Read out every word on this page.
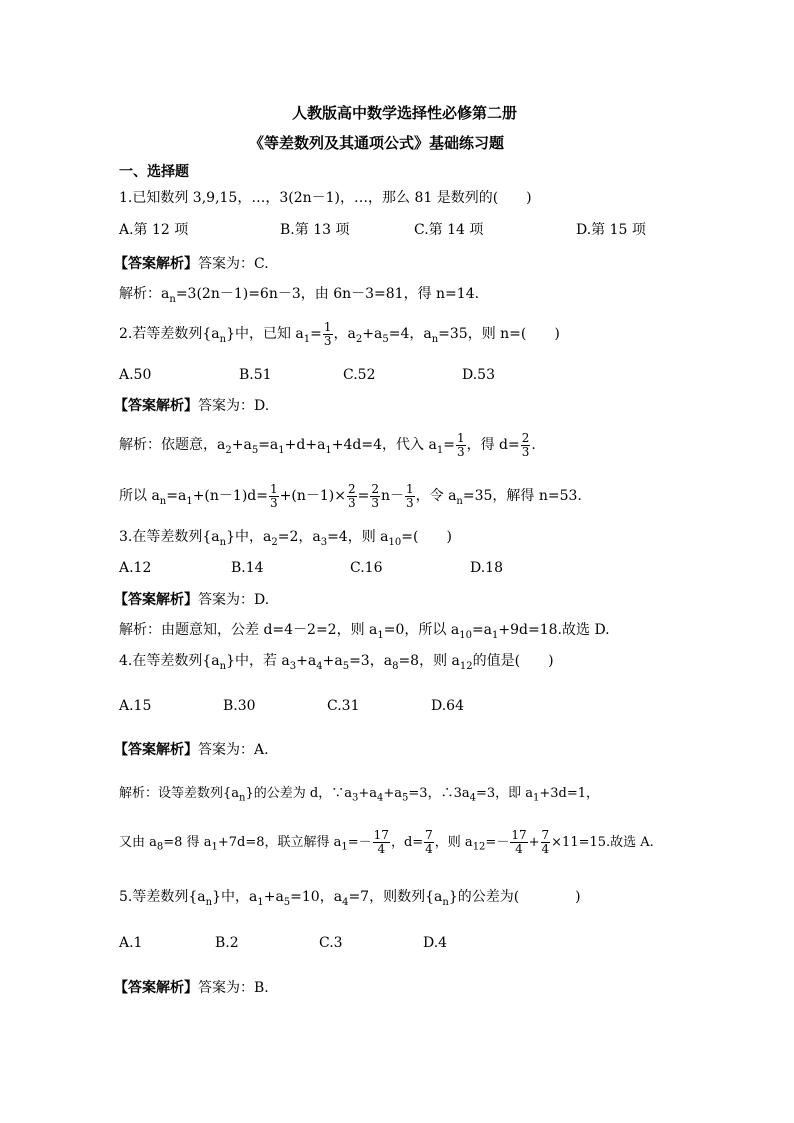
人教版高中数学选择性必修第二册
《等差数列及其通项公式》基础练习题
一、选择题
1.已知数列 3,9,15，…，3(2n－1)，…，那么 81 是数列的(　　)
A.第 12 项	B.第 13 项	C.第 14 项	D.第 15 项
【答案解析】答案为：C.
解析：$a_n=3(2n-1)=6n-3$，由 6n－3=81，得 n=14.
2.若等差数列$\{a_n\}$中，已知 $a_1= \frac{1}{3}$ ，$a_2+a_5=4$，$a_n=35$，则 n=(　　)
A.50	B.51	C.52	D.53
【答案解析】答案为：D.
解析：依题意，$a_2+a_5=a_1+d+a_1+4d=4$，代入 $a_1= \frac{1}{3}$ ，得 $d= \frac{2}{3}$ .
所以 $a_n=a_1+(n-1)d= \frac{1}{3} +(n-1)\times \frac{2}{3} = \frac{2}{3} n- \frac{1}{3}$ ，令 $a_n=35$，解得 n=53.
3.在等差数列$\{a_n\}$中，$a_2=2$，$a_3=4$，则 $a_{10}=$(　　)
A.12	B.14	C.16	D.18
【答案解析】答案为：D.
解析：由题意知，公差 d=4－2=2，则 $a_1=0$，所以 $a_{10}=a_1+9d=18$.故选 D.
4.在等差数列$\{a_n\}$中，若 $a_3+a_4+a_5=3$，$a_8=8$，则 $a_{12}$的值是(　　)
A.15	B.30	C.31	D.64
【答案解析】答案为：A.
解析：设等差数列$\{a_n\}$的公差为 d，$\because a_3+a_4+a_5=3$，$\therefore 3a_4=3$，即 $a_1+3d=1$，
又由 $a_8=8$ 得 $a_1+7d=8$，联立解得 $a_1=- \frac{17}{4}$ ，$d= \frac{7}{4}$ ，则 $a_{12}=- \frac{17}{4} + \frac{7}{4} \times 11=15$.故选 A.
5.等差数列$\{a_n\}$中，$a_1+a_5=10$，$a_4=7$，则数列$\{a_n\}$的公差为(　　　　)
A.1	B.2	C.3	D.4
【答案解析】答案为：B.
